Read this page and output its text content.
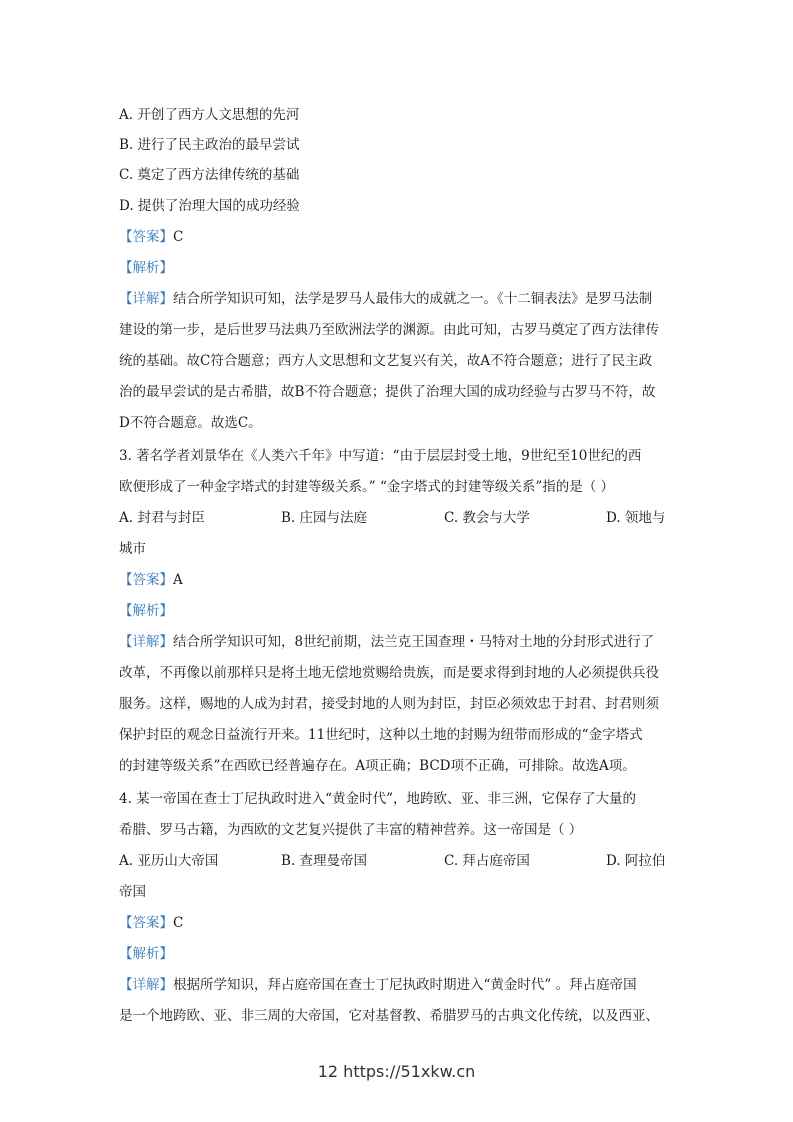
A. 开创了西方人文思想的先河
B. 进行了民主政治的最早尝试
C. 奠定了西方法律传统的基础
D. 提供了治理大国的成功经验
【答案】C
【解析】
【详解】结合所学知识可知，法学是罗马人最伟大的成就之一。《十二铜表法》是罗马法制
建设的第一步，是后世罗马法典乃至欧洲法学的渊源。由此可知，古罗马奠定了西方法律传
统的基础。故C符合题意；西方人文思想和文艺复兴有关，故A不符合题意；进行了民主政
治的最早尝试的是古希腊，故B不符合题意；提供了治理大国的成功经验与古罗马不符，故
D不符合题意。故选C。
3. 著名学者刘景华在《人类六千年》中写道：“由于层层封受土地，9世纪至10世纪的西
欧便形成了一种金字塔式的封建等级关系。” “金字塔式的封建等级关系”指的是（ ）
A. 封君与封臣	B. 庄园与法庭	C. 教会与大学	D. 领地与
城市
【答案】A
【解析】
【详解】结合所学知识可知，8世纪前期，法兰克王国查理・马特对土地的分封形式进行了
改革，不再像以前那样只是将土地无偿地赏赐给贵族，而是要求得到封地的人必须提供兵役
服务。这样，赐地的人成为封君，接受封地的人则为封臣，封臣必须效忠于封君、封君则须
保护封臣的观念日益流行开来。11世纪时，这种以土地的封赐为纽带而形成的“金字塔式
的封建等级关系”在西欧已经普遍存在。A项正确；BCD项不正确，可排除。故选A项。
4. 某一帝国在查士丁尼执政时进入“黄金时代”，地跨欧、亚、非三洲，它保存了大量的
希腊、罗马古籍，为西欧的文艺复兴提供了丰富的精神营养。这一帝国是（ ）
A. 亚历山大帝国	B. 查理曼帝国	C. 拜占庭帝国	D. 阿拉伯
帝国
【答案】C
【解析】
【详解】根据所学知识，拜占庭帝国在查士丁尼执政时期进入“黄金时代” 。拜占庭帝国
是一个地跨欧、亚、非三周的大帝国，它对基督教、希腊罗马的古典文化传统，以及西亚、
12 https://51xkw.cn
